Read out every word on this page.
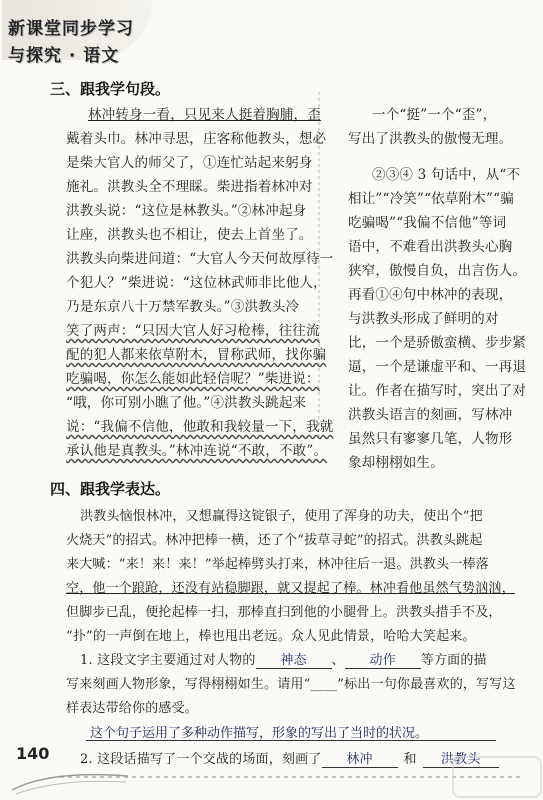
新课堂同步学习
与探究 · 语文
三、跟我学句段。
林冲转身一看，只见来人挺着胸脯，歪
戴着头巾。林冲寻思，庄客称他教头，想必
是柴大官人的师父了，①连忙站起来躬身
施礼。洪教头全不理睬。柴进指着林冲对
洪教头说：“这位是林教头。”②林冲起身
让座，洪教头也不相让，使去上首坐了。
洪教头向柴进问道：“大官人今天何故厚待一
个犯人？”柴进说：“这位林武师非比他人，
乃是东京八十万禁军教头。”③洪教头冷
笑了两声：“只因大官人好习枪棒，往往流
配的犯人都来依草附木，冒称武师，找你骗
吃骗喝，你怎么能如此轻信呢？”柴进说：
“哦，你可别小瞧了他。”④洪教头跳起来
说：“我偏不信他，他敢和我较量一下，我就
承认他是真教头。”林冲连说“不敢，不敢”。
一个“挺”一个“歪”，
写出了洪教头的傲慢无理。
②③④ 3 句话中，从“不
相让”“冷笑”“依草附木”“骗
吃骗喝”“我偏不信他”等词
语中，不难看出洪教头心胸
狭窄，傲慢自负，出言伤人。
再看①④句中林冲的表现，
与洪教头形成了鲜明的对
比，一个是骄傲蛮横、步步紧
逼，一个是谦虚平和、一再退
让。作者在描写时，突出了对
洪教头语言的刻画，写林冲
虽然只有寥寥几笔，人物形
象却栩栩如生。
四、跟我学表达。
洪教头恼恨林冲，又想赢得这锭银子，使用了浑身的功夫，使出个“把
火烧天”的招式。林冲把棒一横，还了个“拔草寻蛇”的招式。洪教头跳起
来大喊：“来！来！来！”举起棒劈头打来，林冲往后一退。洪教头一棒落
空，他一个踉跄，还没有站稳脚跟，就又提起了棒。林冲看他虽然气势汹汹，
但脚步已乱，便抡起棒一扫，那棒直扫到他的小腿骨上。洪教头措手不及，
“扑”的一声倒在地上，棒也甩出老远。众人见此情景，哈哈大笑起来。
1. 这段文字主要通过对人物的 神态 、 动作 等方面的描
写来刻画人物形象，写得栩栩如生。请用“____”标出一句你最喜欢的，写写这
样表达带给你的感受。
这个句子运用了多种动作描写，形象的写出了当时的状况。
2. 这段话描写了一个交战的场面，刻画了 林冲 和 洪教头
140
